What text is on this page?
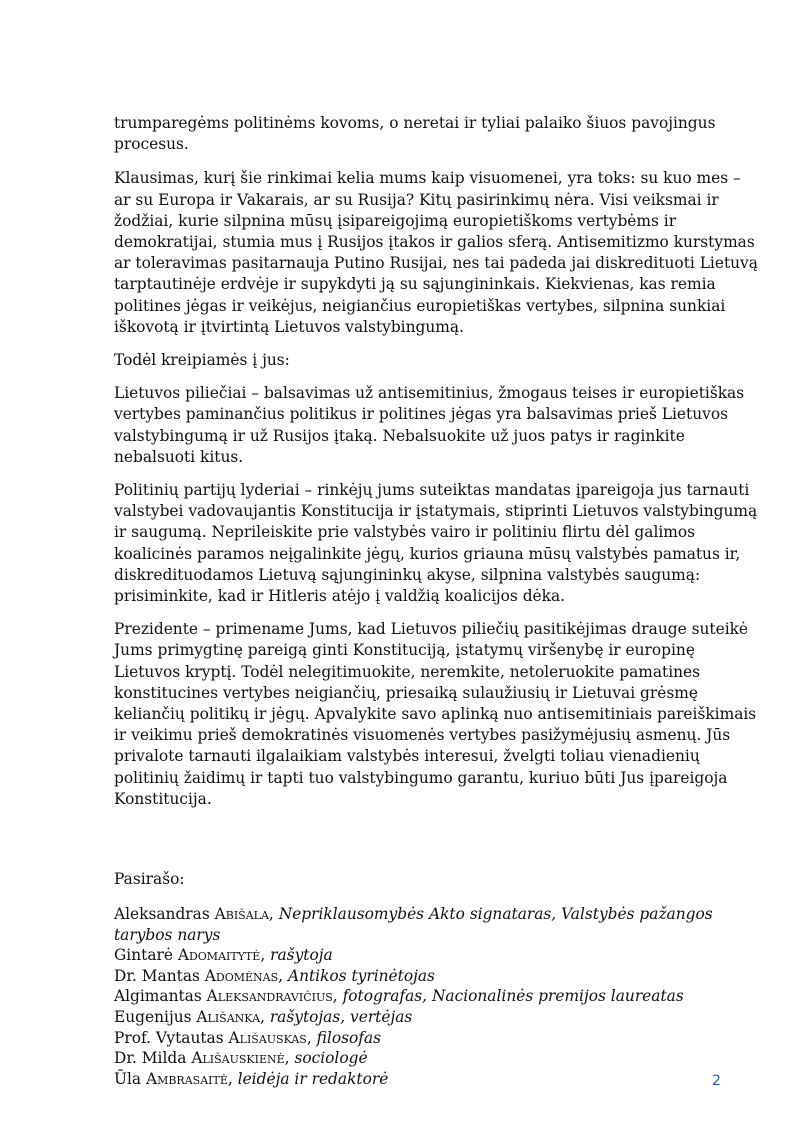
trumparegėms politinėms kovoms, o neretai ir tyliai palaiko šiuos pavojingus procesus.

Klausimas, kurį šie rinkimai kelia mums kaip visuomenei, yra toks: su kuo mes – ar su Europa ir Vakarais, ar su Rusija? Kitų pasirinkimų nėra. Visi veiksmai ir žodžiai, kurie silpnina mūsų įsipareigojimą europietiškoms vertybėms ir demokratijai, stumia mus į Rusijos įtakos ir galios sferą. Antisemitizmo kurstymas ar toleravimas pasitarnauja Putino Rusijai, nes tai padeda jai diskredituoti Lietuvą tarptautinėje erdvėje ir supykdyti ją su sąjungininkais. Kiekvienas, kas remia politines jėgas ir veikėjus, neigiančius europietiškas vertybes, silpnina sunkiai iškovotą ir įtvirtintą Lietuvos valstybingumą.

Todėl kreipiamės į jus:

Lietuvos piliečiai – balsavimas už antisemitinius, žmogaus teises ir europietiškas vertybes paminančius politikus ir politines jėgas yra balsavimas prieš Lietuvos valstybingumą ir už Rusijos įtaką. Nebalsuokite už juos patys ir raginkite nebalsuoti kitus.

Politinių partijų lyderiai – rinkėjų jums suteiktas mandatas įpareigoja jus tarnauti valstybei vadovaujantis Konstitucija ir įstatymais, stiprinti Lietuvos valstybingumą ir saugumą. Neprileiskite prie valstybės vairo ir politiniu flirtu dėl galimos koalicinės paramos neįgalinkite jėgų, kurios griauna mūsų valstybės pamatus ir, diskredituodamos Lietuvą sąjungininkų akyse, silpnina valstybės saugumą: prisiminkite, kad ir Hitleris atėjo į valdžią koalicijos dėka.

Prezidente – primename Jums, kad Lietuvos piliečių pasitikėjimas drauge suteikė Jums primygtinę pareigą ginti Konstituciją, įstatymų viršenybę ir europinę Lietuvos kryptį. Todėl nelegitimuokite, neremkite, netoleruokite pamatines konstitucines vertybes neigiančių, priesaiką sulaužiusių ir Lietuvai grėsmę keliančių politikų ir jėgų. Apvalykite savo aplinką nuo antisemitiniais pareiškimais ir veikimu prieš demokratinės visuomenės vertybes pasižymėjusių asmenų. Jūs privalote tarnauti ilgalaikiam valstybės interesui, žvelgti toliau vienadienių politinių žaidimų ir tapti tuo valstybingumo garantu, kuriuo būti Jus įpareigoja Konstitucija.

Pasirašo:

Aleksandras Abišala, Nepriklausomybės Akto signataras, Valstybės pažangos tarybos narys

Gintarė Adomaitytė, rašytoja

Dr. Mantas Adomėnas, Antikos tyrinėtojas

Algimantas Aleksandravičius, fotografas, Nacionalinės premijos laureatas

Eugenijus Ališanka, rašytojas, vertėjas

Prof. Vytautas Ališauskas, filosofas

Dr. Milda Ališauskienė, sociologė

Ūla Ambrasaitė, leidėja ir redaktorė	2
